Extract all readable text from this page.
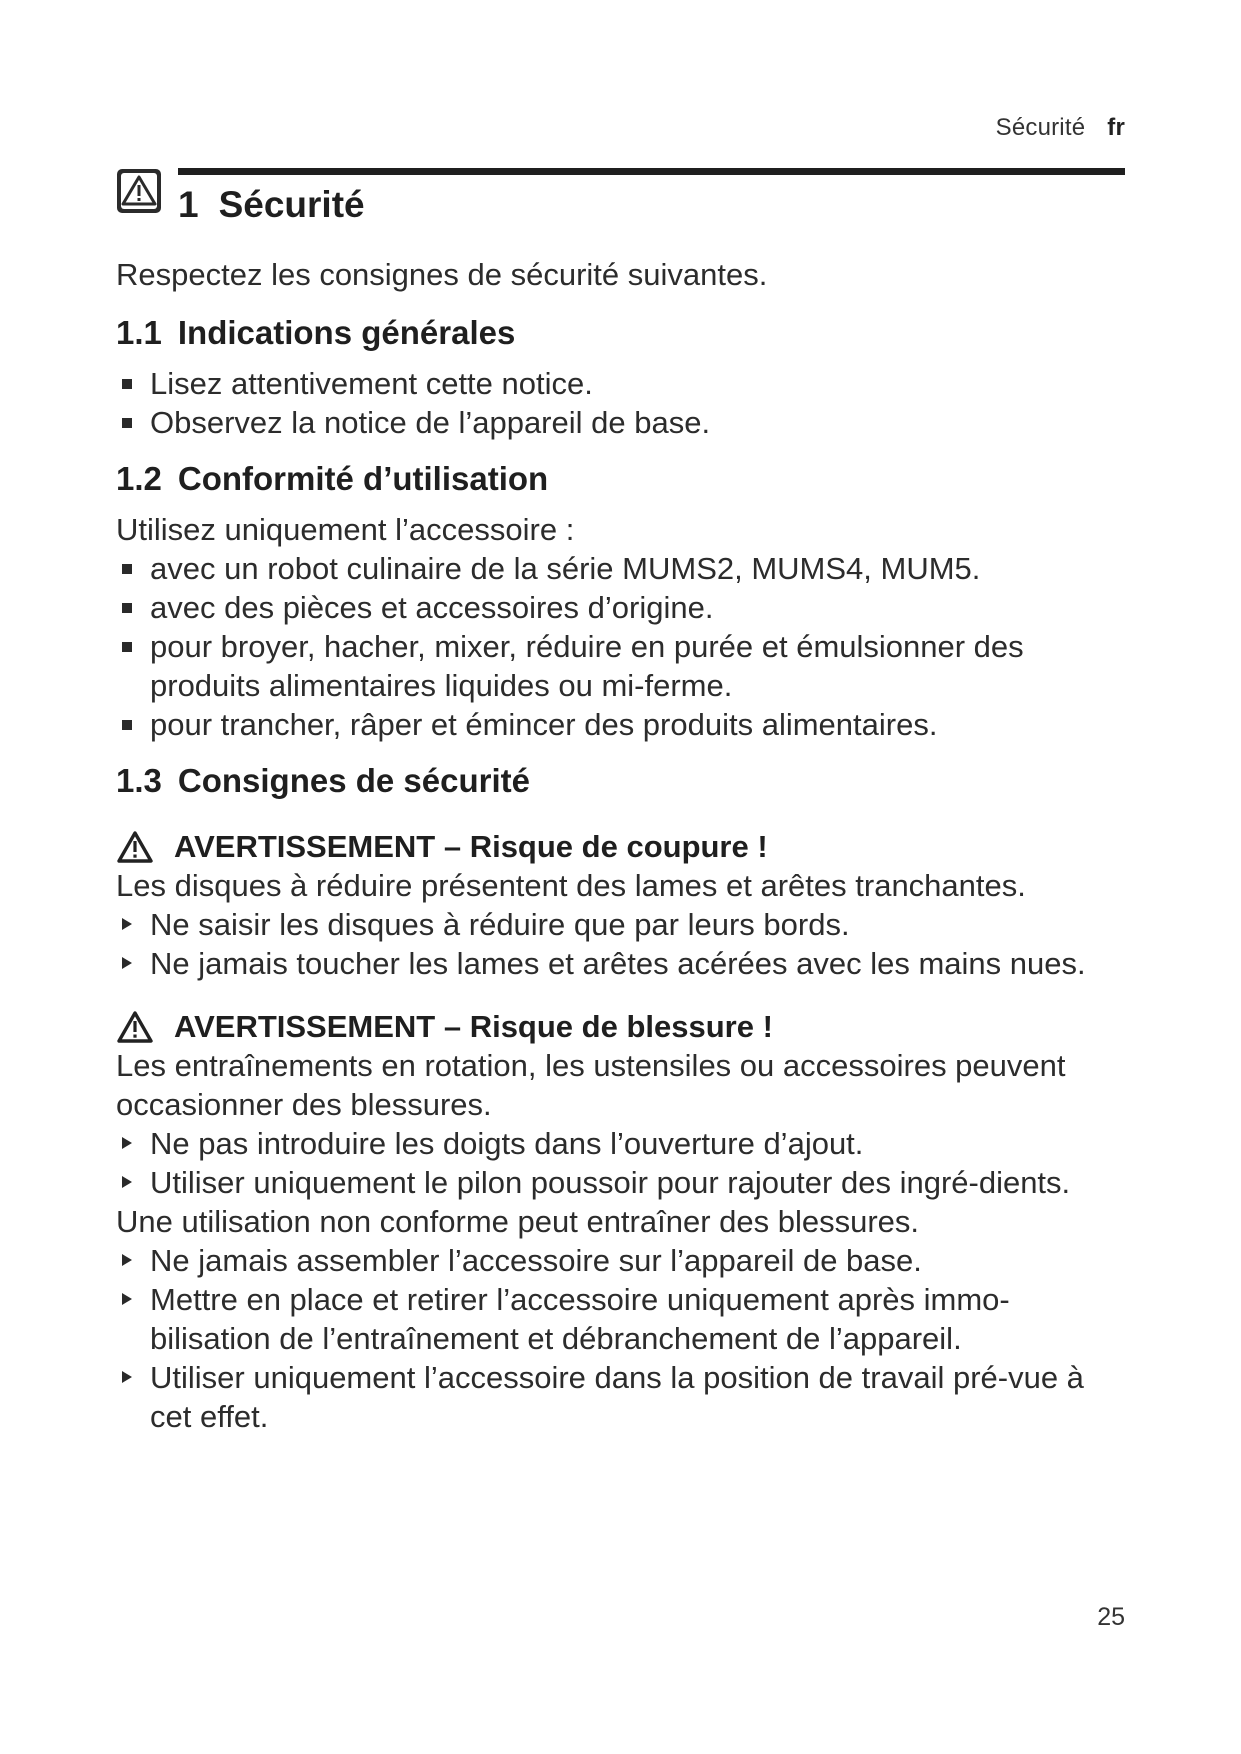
Sécurité fr
1 Sécurité

Respectez les consignes de sécurité suivantes.

1.1 Indications générales
Lisez attentivement cette notice.
Observez la notice de l’appareil de base.
1.2 Conformité d’utilisation

Utilisez uniquement l’accessoire :

avec un robot culinaire de la série MUMS2, MUMS4, MUM5.
avec des pièces et accessoires d’origine.
pour broyer, hacher, mixer, réduire en purée et émulsionner des produits alimentaires liquides ou mi-ferme.
pour trancher, râper et émincer des produits alimentaires.
1.3 Consignes de sécurité
AVERTISSEMENT – Risque de coupure !

Les disques à réduire présentent des lames et arêtes tranchantes.

Ne saisir les disques à réduire que par leurs bords.
Ne jamais toucher les lames et arêtes acérées avec les mains nues.
AVERTISSEMENT – Risque de blessure !

Les entraînements en rotation, les ustensiles ou accessoires peuvent occasionner des blessures.

Ne pas introduire les doigts dans l’ouverture d’ajout.
Utiliser uniquement le pilon poussoir pour rajouter des ingré-dients.

Une utilisation non conforme peut entraîner des blessures.

Ne jamais assembler l’accessoire sur l’appareil de base.
Mettre en place et retirer l’accessoire uniquement après immo-bilisation de l’entraînement et débranchement de l’appareil.
Utiliser uniquement l’accessoire dans la position de travail pré-vue à cet effet.
25
